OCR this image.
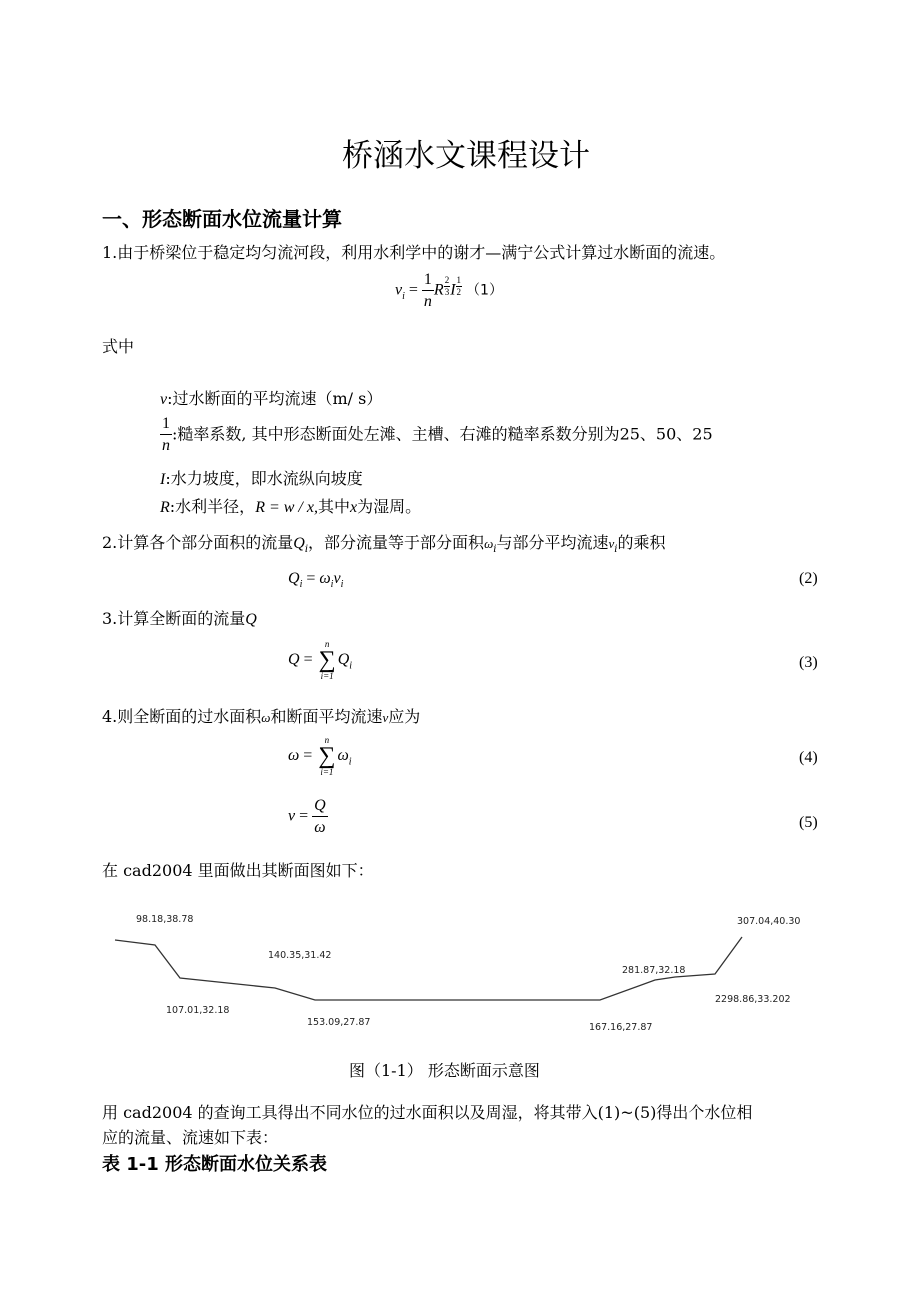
桥涵水文课程设计
一、形态断面水位流量计算
1.由于桥梁位于稳定均匀流河段，利用水利学中的谢才—满宁公式计算过水断面的流速。
$v_i = \frac{1}{n}$ R $^{\frac{2}{3}}$ I $^{\frac{1}{2}}$ （1）
式中
v:过水断面的平均流速（m/ s）
$\frac{1}{n}$ :糙率系数, 其中形态断面处左滩、主槽、右滩的糙率系数分别为25、50、25
I:水力坡度，即水流纵向坡度
R:水利半径，R = w / x,其中x为湿周。
2.计算各个部分面积的流量$Q_i$，部分流量等于部分面积$\omega_i$与部分平均流速$v_i$的乘积
$Q_i = \omega_iv_i$	(2)
3.计算全断面的流量Q
Q =
n
∑
i=1
$Q_i$	(3)
4.则全断面的过水面积ω和断面平均流速v应为
ω =
n
∑
i=1
$\omega_i$	(4)
$v = \frac{Q}{\omega}$	(5)
在 cad2004 里面做出其断面图如下：
98.18,38.78
107.01,32.18
140.35,31.42
153.09,27.87	167.16,27.87
281.87,32.18
2298.86,33.202
307.04,40.30
图（1-1） 形态断面示意图
用 cad2004 的查询工具得出不同水位的过水面积以及周湿，将其带入(1)~(5)得出个水位相
应的流量、流速如下表：
表 1-1 形态断面水位关系表
